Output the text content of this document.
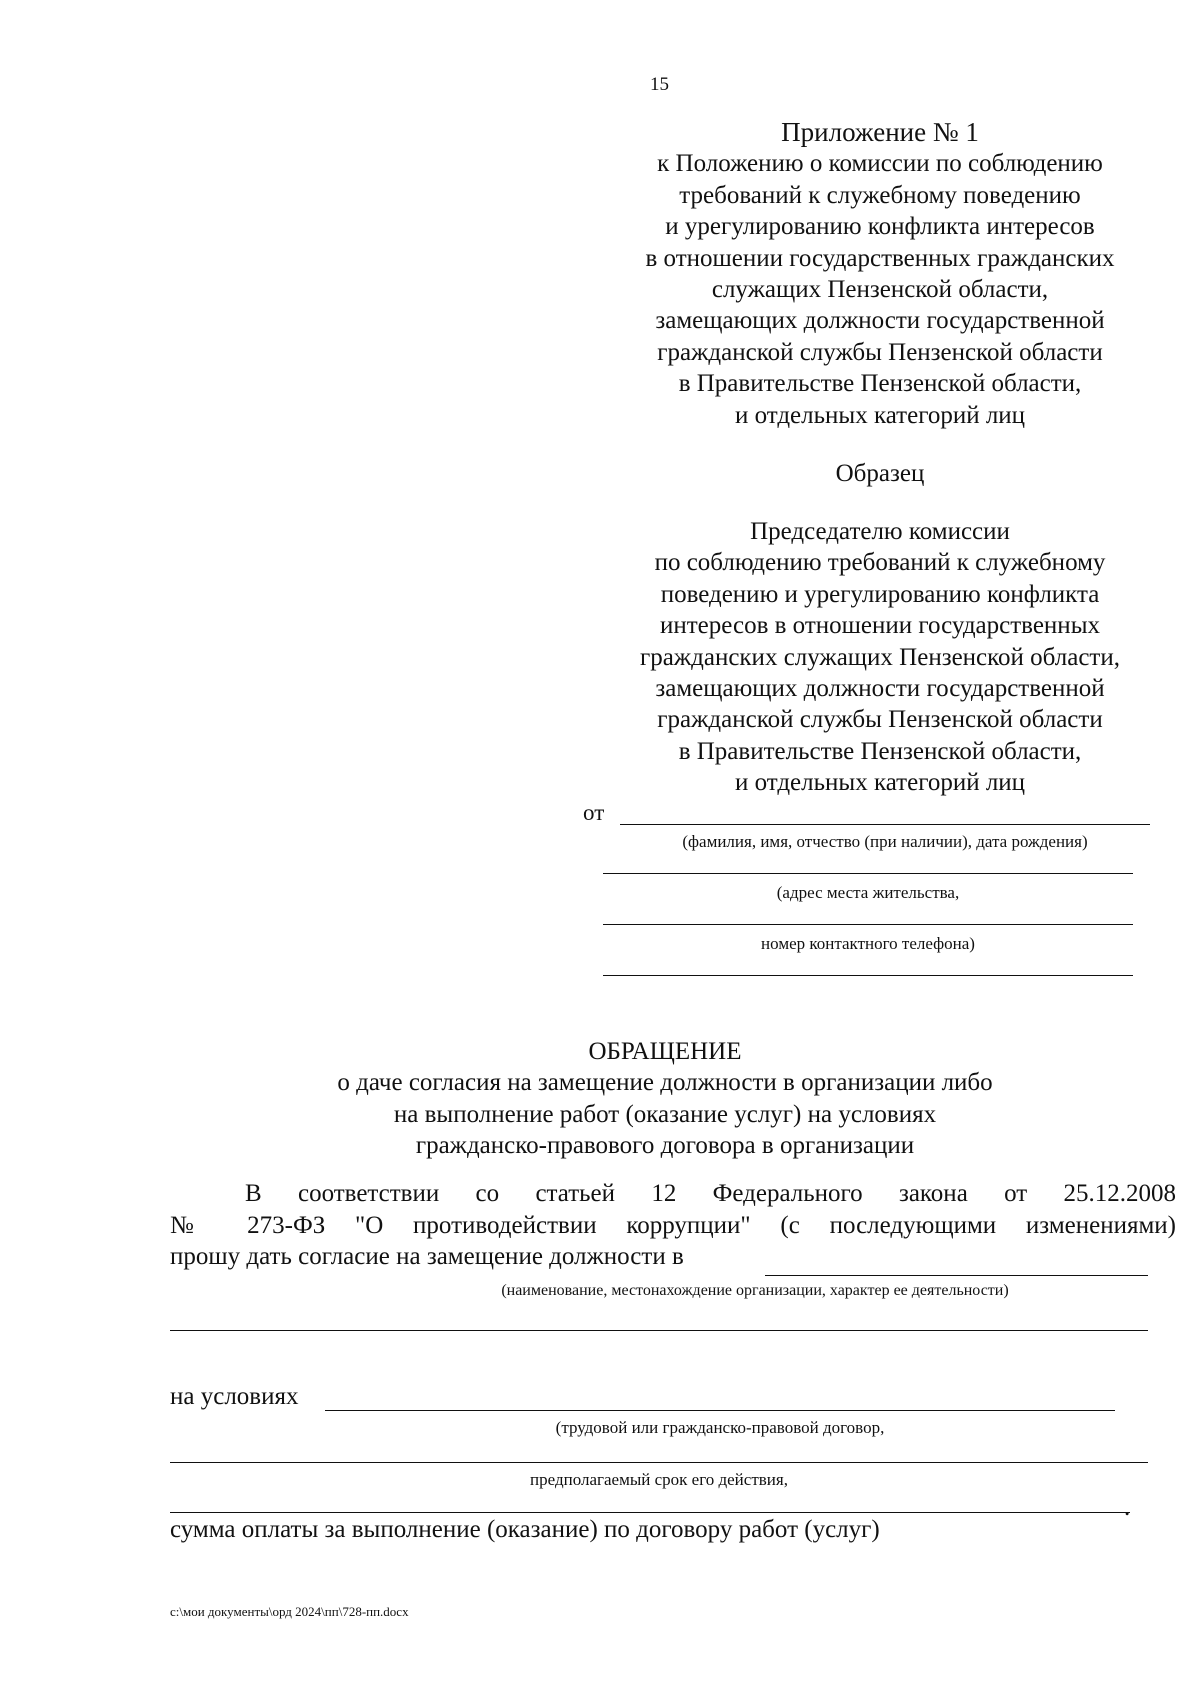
15
Приложение № 1
к Положению о комиссии по соблюдению
требований к служебному поведению
и урегулированию конфликта интересов
в отношении государственных гражданских
служащих Пензенской области,
замещающих должности государственной
гражданской службы Пензенской области
в Правительстве Пензенской области,
и отдельных категорий лиц
Образец
Председателю комиссии
по соблюдению требований к служебному
поведению и урегулированию конфликта
интересов в отношении государственных
гражданских служащих Пензенской области,
замещающих должности государственной
гражданской службы Пензенской области
в Правительстве Пензенской области,
и отдельных категорий лиц
от
(фамилия, имя, отчество (при наличии), дата рождения)
(адрес места жительства,
номер контактного телефона)
ОБРАЩЕНИЕ
о даче согласия на замещение должности в организации либо
на выполнение работ (оказание услуг) на условиях
гражданско-правового договора в организации
В соответствии со статьей 12 Федерального закона от 25.12.2008
№ 273-ФЗ "О противодействии коррупции" (с последующими изменениями)
прошу дать согласие на замещение должности в
(наименование, местонахождение организации, характер ее деятельности)
на условиях
(трудовой или гражданско-правовой договор,
предполагаемый срок его действия,
.
сумма оплаты за выполнение (оказание) по договору работ (услуг)
c:\мои документы\орд 2024\пп\728-пп.docx
